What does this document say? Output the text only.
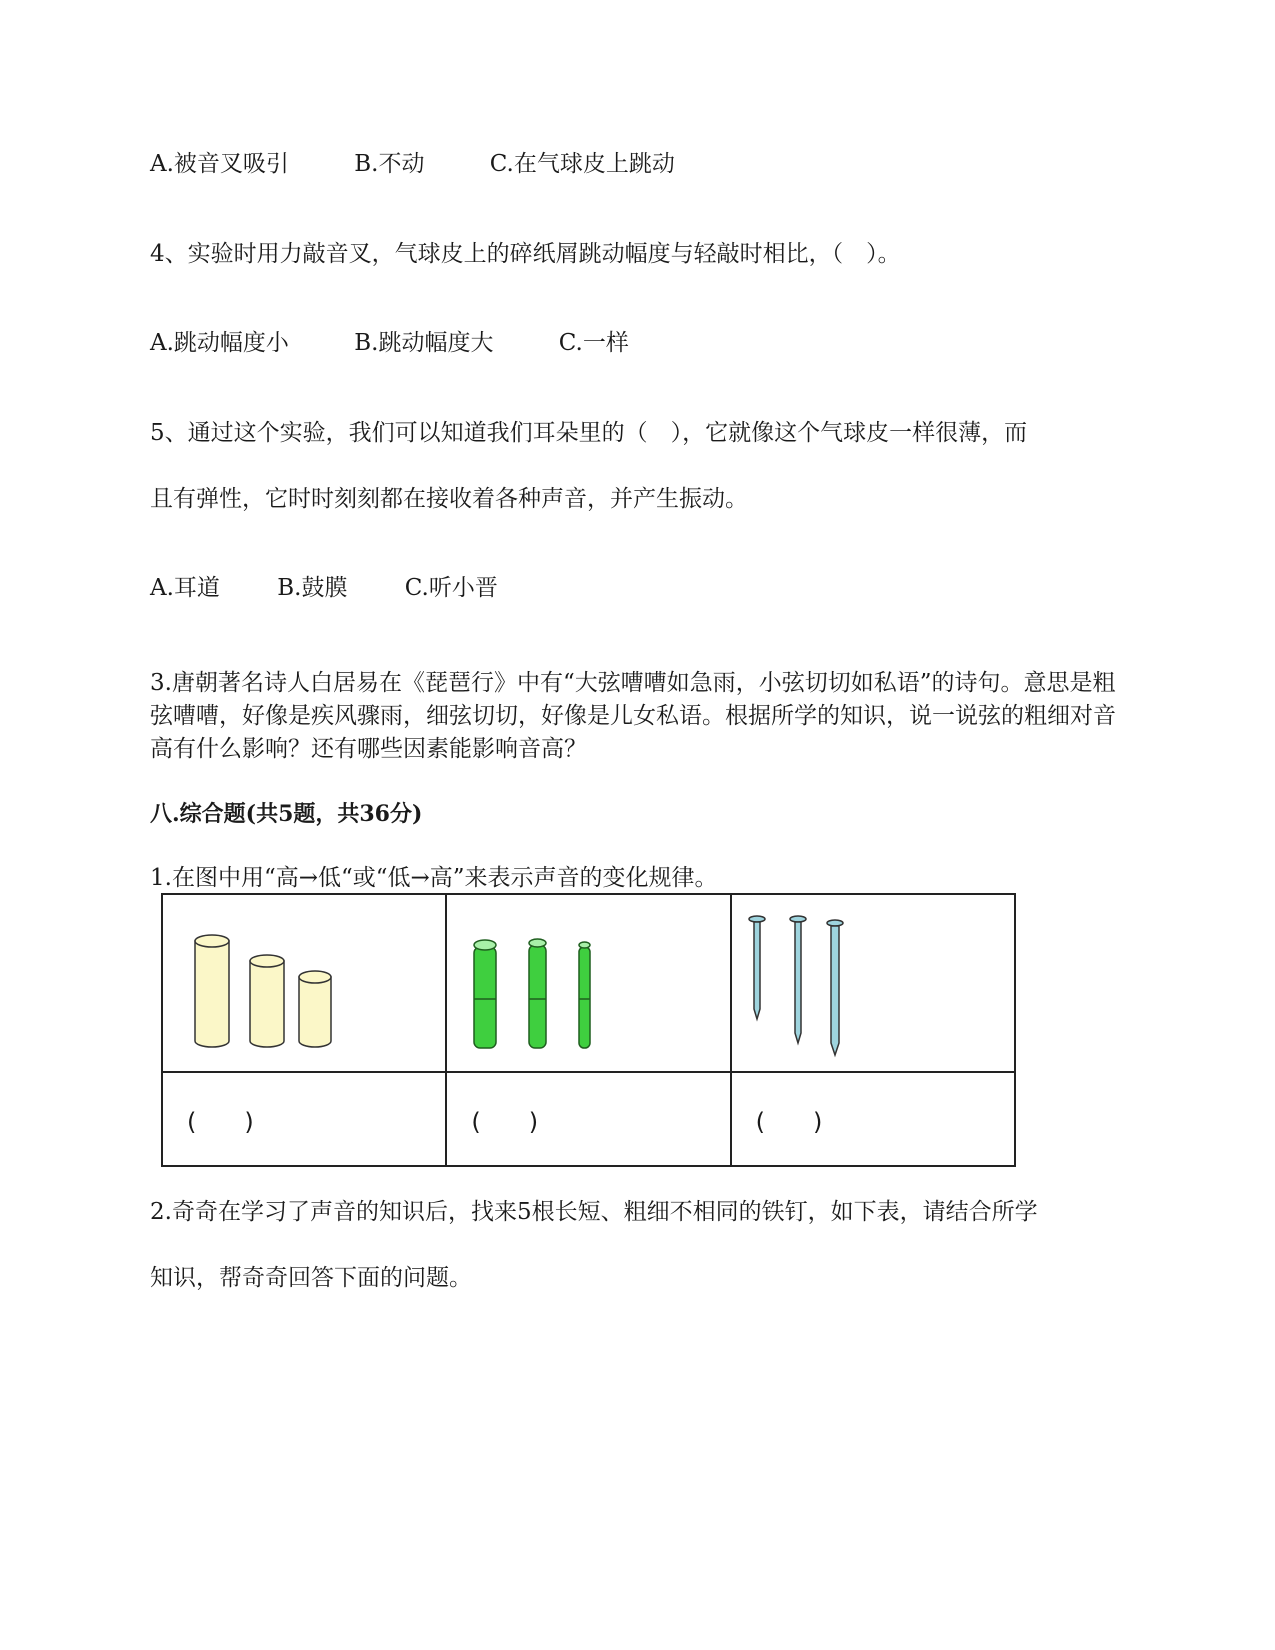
A.被音叉吸引	B.不动	C.在气球皮上跳动
4、实验时用力敲音叉，气球皮上的碎纸屑跳动幅度与轻敲时相比，（　）。
A.跳动幅度小	B.跳动幅度大	C.一样
5、通过这个实验，我们可以知道我们耳朵里的（　），它就像这个气球皮一样很薄，而
且有弹性，它时时刻刻都在接收着各种声音，并产生振动。
A.耳道 B.鼓膜 C.听小晋
3.唐朝著名诗人白居易在《琵琶行》中有“大弦嘈嘈如急雨，小弦切切如私语”的诗句。意思是粗弦嘈嘈，好像是疾风骤雨，细弦切切，好像是儿女私语。根据所学的知识，说一说弦的粗细对音高有什么影响？还有哪些因素能影响音高？
八.综合题(共5题，共36分)
1.在图中用“高→低“或“低→高”来表示声音的变化规律。

(　　)	(　　)	(　　)
2.奇奇在学习了声音的知识后，找来5根长短、粗细不相同的铁钉，如下表，请结合所学
知识，帮奇奇回答下面的问题。
